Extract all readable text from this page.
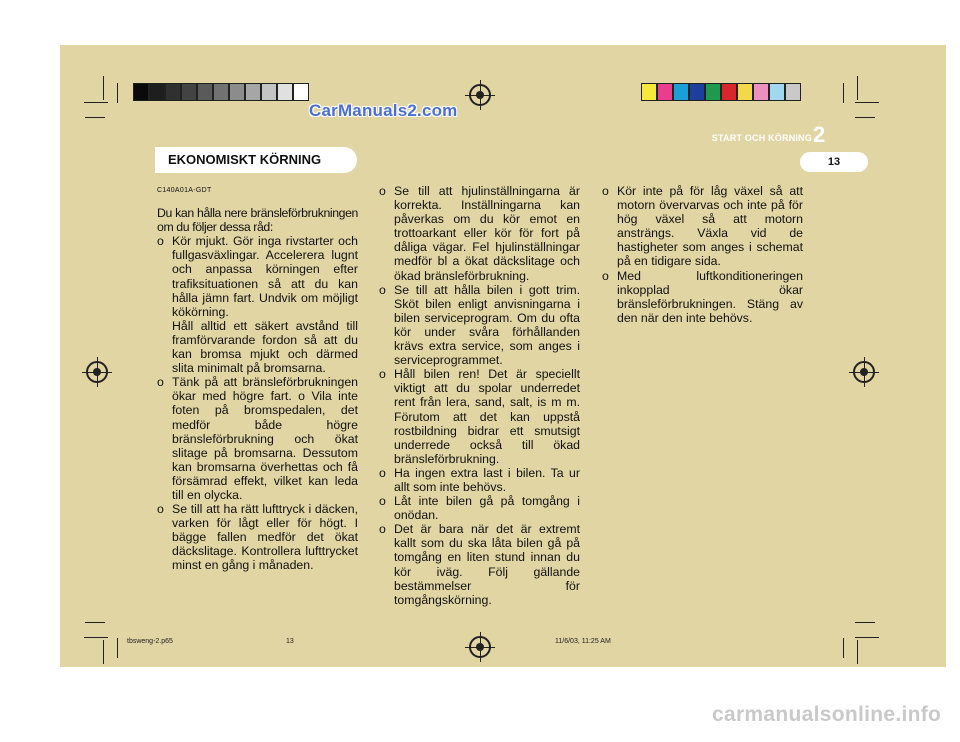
CarManuals2.com
EKONOMISKT KÖRNING
START OCH KÖRNING 2
13
C140A01A-GDT
Du kan hålla nere bränsleförbrukningen om du följer dessa råd:
o Kör mjukt. Gör inga rivstarter och fullgasväxlingar. Accelerera lugnt och anpassa körningen efter trafiksituationen så att du kan hålla jämn fart. Undvik om möjligt kökörning.
Håll alltid ett säkert avstånd till framförvarande fordon så att du kan bromsa mjukt och därmed slita minimalt på bromsarna.
o Tänk på att bränsleförbrukningen ökar med högre fart. o Vila inte foten på bromspedalen, det medför både högre bränsleförbrukning och ökat slitage på bromsarna. Dessutom kan bromsarna överhettas och få försämrad effekt, vilket kan leda till en olycka.
o Se till att ha rätt lufttryck i däcken, varken för lågt eller för högt. I bägge fallen medför det ökat däckslitage. Kontrollera lufttrycket minst en gång i månaden.
o Se till att hjulinställningarna är korrekta. Inställningarna kan påverkas om du kör emot en trottoarkant eller kör för fort på dåliga vägar. Fel hjulinställningar medför bl a ökat däckslitage och ökad bränsleförbrukning.
o Se till att hålla bilen i gott trim. Sköt bilen enligt anvisningarna i bilen serviceprogram. Om du ofta kör under svåra förhållanden krävs extra service, som anges i serviceprogrammet.
o Håll bilen ren! Det är speciellt viktigt att du spolar underredet rent från lera, sand, salt, is m m. Förutom att det kan uppstå rostbildning bidrar ett smutsigt underrede också till ökad bränsleförbrukning.
o Ha ingen extra last i bilen. Ta ur allt som inte behövs.
o Låt inte bilen gå på tomgång i onödan.
o Det är bara när det är extremt kallt som du ska låta bilen gå på tomgång en liten stund innan du kör iväg. Följ gällande bestämmelser för tomgångskörning.
o Kör inte på för låg växel så att motorn övervarvas och inte på för hög växel så att motorn ansträngs. Växla vid de hastigheter som anges i schemat på en tidigare sida.
o Med luftkonditioneringen inkopplad ökar bränsleförbrukningen. Stäng av den när den inte behövs.
tbsweng-2.p65	13	11/6/03, 11:25 AM
carmanualsonline.info
